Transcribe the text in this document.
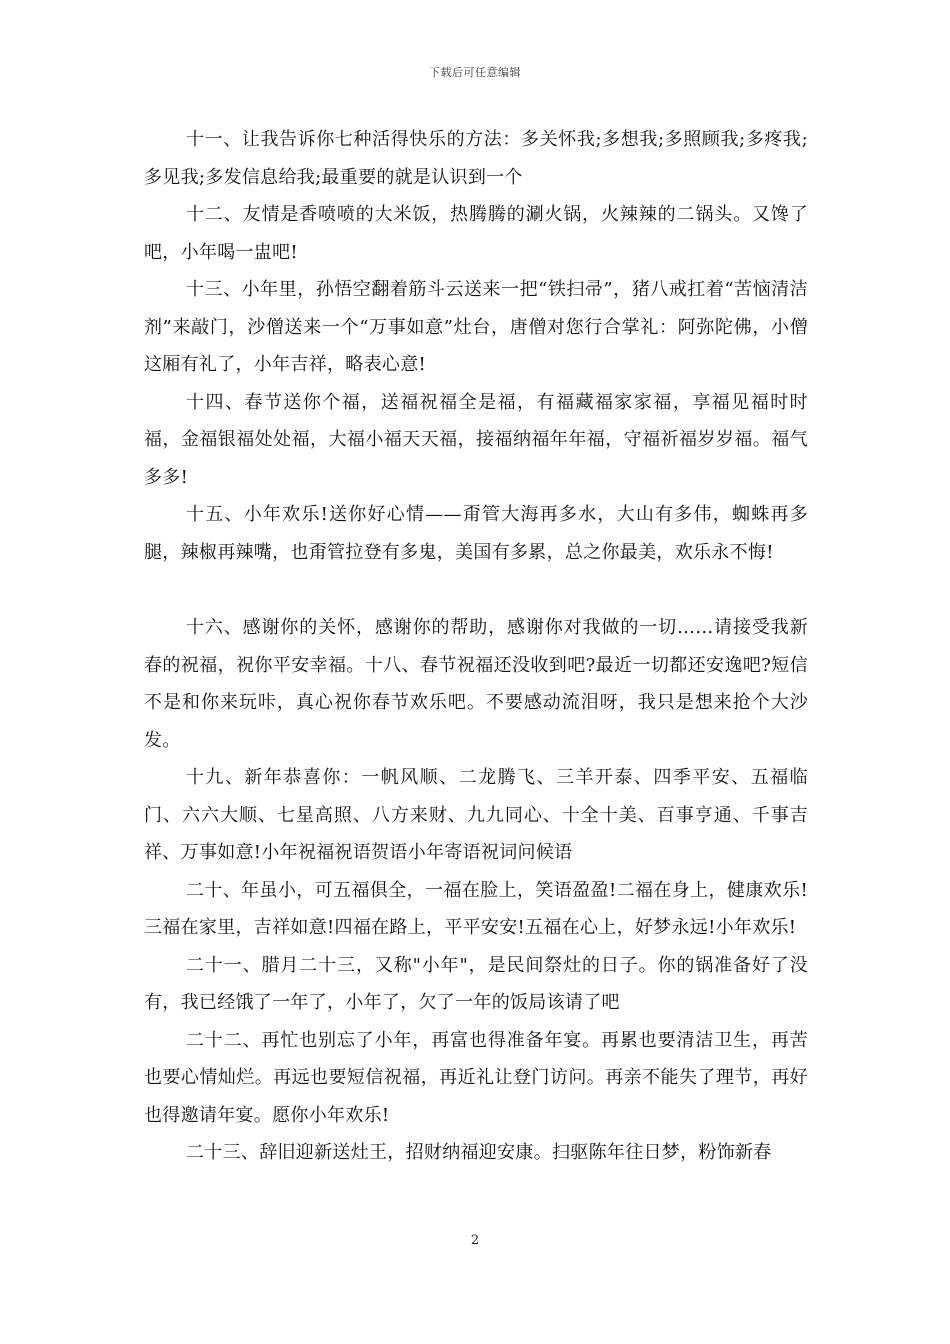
下载后可任意编辑

十一、让我告诉你七种活得快乐的方法：多关怀我;多想我;多照顾我;多疼我;多见我;多发信息给我;最重要的就是认识到一个

十二、友情是香喷喷的大米饭，热腾腾的涮火锅，火辣辣的二锅头。又馋了吧，小年喝一盅吧!

十三、小年里，孙悟空翻着筋斗云送来一把“铁扫帚”，猪八戒扛着“苦恼清洁剂”来敲门，沙僧送来一个“万事如意”灶台，唐僧对您行合掌礼：阿弥陀佛，小僧这厢有礼了，小年吉祥，略表心意!

十四、春节送你个福，送福祝福全是福，有福藏福家家福，享福见福时时福，金福银福处处福，大福小福天天福，接福纳福年年福，守福祈福岁岁福。福气多多!

十五、小年欢乐!送你好心情——甭管大海再多水，大山有多伟，蜘蛛再多腿，辣椒再辣嘴，也甭管拉登有多鬼，美国有多累，总之你最美，欢乐永不悔!

十六、感谢你的关怀，感谢你的帮助，感谢你对我做的一切……请接受我新春的祝福，祝你平安幸福。十八、春节祝福还没收到吧?最近一切都还安逸吧?短信不是和你来玩咔，真心祝你春节欢乐吧。不要感动流泪呀，我只是想来抢个大沙发。

十九、新年恭喜你：一帆风顺、二龙腾飞、三羊开泰、四季平安、五福临门、六六大顺、七星高照、八方来财、九九同心、十全十美、百事亨通、千事吉祥、万事如意!小年祝福祝语贺语小年寄语祝词问候语

二十、年虽小，可五福俱全，一福在脸上，笑语盈盈!二福在身上，健康欢乐!三福在家里，吉祥如意!四福在路上，平平安安!五福在心上，好梦永远!小年欢乐!

二十一、腊月二十三，又称"小年"，是民间祭灶的日子。你的锅准备好了没有，我已经饿了一年了，小年了，欠了一年的饭局该请了吧

二十二、再忙也别忘了小年，再富也得准备年宴。再累也要清洁卫生，再苦也要心情灿烂。再远也要短信祝福，再近礼让登门访问。再亲不能失了理节，再好也得邀请年宴。愿你小年欢乐!

二十三、辞旧迎新送灶王，招财纳福迎安康。扫驱陈年往日梦，粉饰新春

2
